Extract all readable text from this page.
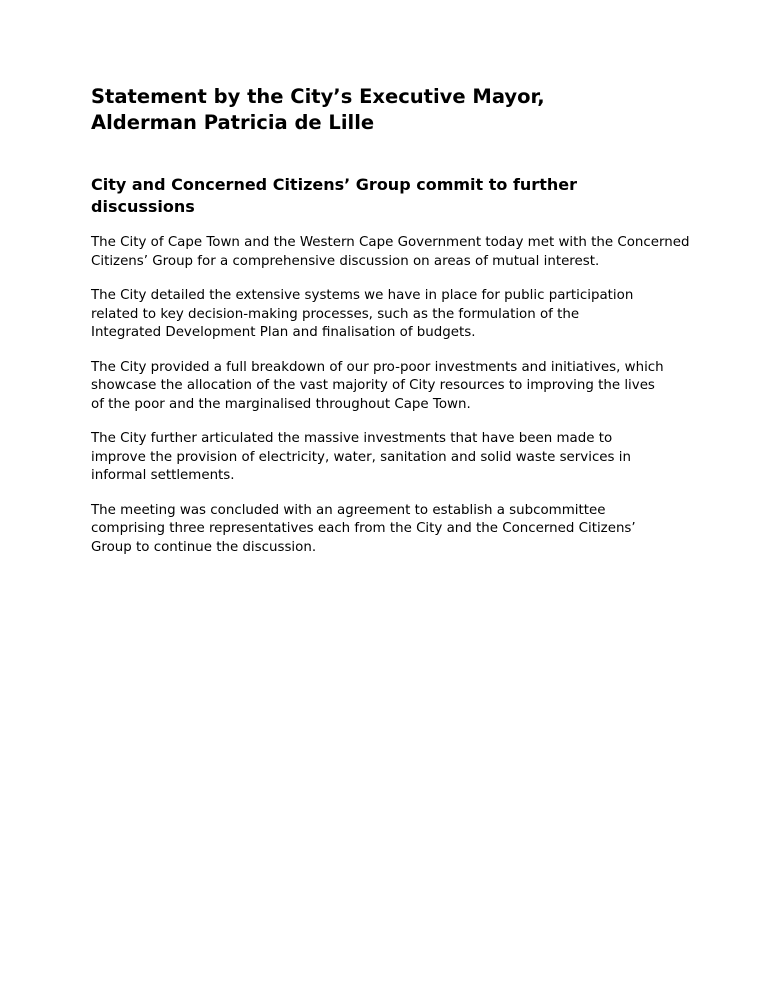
Statement by the City’s Executive Mayor, Alderman Patricia de Lille
City and Concerned Citizens’ Group commit to further discussions

The City of Cape Town and the Western Cape Government today met with the Concerned Citizens’ Group for a comprehensive discussion on areas of mutual interest.

The City detailed the extensive systems we have in place for public participation related to key decision-making processes, such as the formulation of the Integrated Development Plan and finalisation of budgets.

The City provided a full breakdown of our pro-poor investments and initiatives, which showcase the allocation of the vast majority of City resources to improving the lives of the poor and the marginalised throughout Cape Town.

The City further articulated the massive investments that have been made to improve the provision of electricity, water, sanitation and solid waste services in informal settlements.

The meeting was concluded with an agreement to establish a subcommittee comprising three representatives each from the City and the Concerned Citizens’ Group to continue the discussion.
